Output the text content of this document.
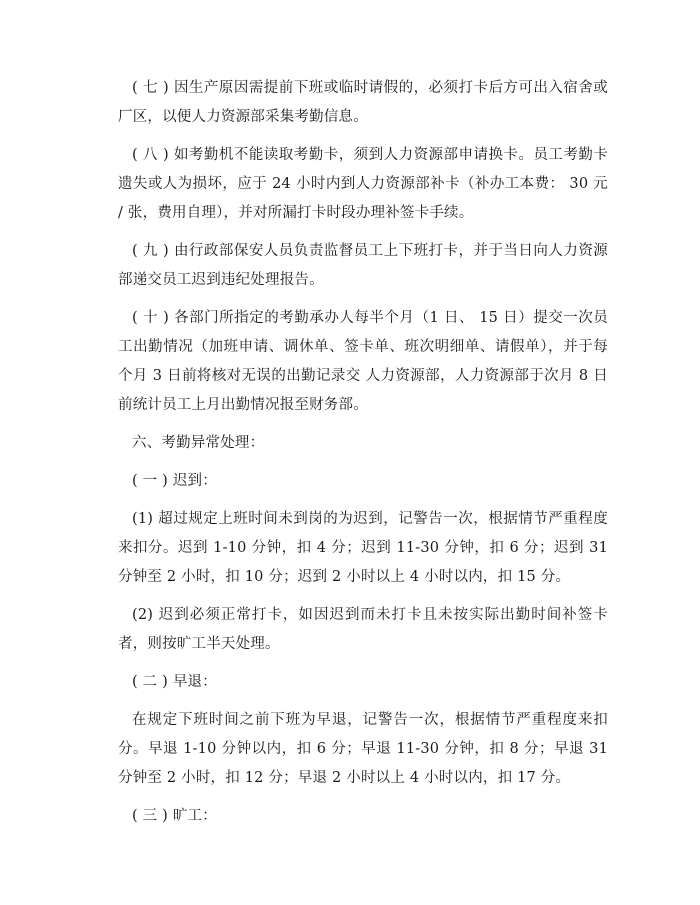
( 七 ) 因生产原因需提前下班或临时请假的，必须打卡后方可出入宿舍或厂区，以便人力资源部采集考勤信息。

( 八 ) 如考勤机不能读取考勤卡，须到人力资源部申请换卡。员工考勤卡遗失或人为损坏，应于 24 小时内到人力资源部补卡（补办工本费： 30 元 / 张，费用自理），并对所漏打卡时段办理补签卡手续。

( 九 ) 由行政部保安人员负责监督员工上下班打卡，并于当日向人力资源部递交员工迟到违纪处理报告。

( 十 ) 各部门所指定的考勤承办人每半个月（1 日、 15 日）提交一次员工出勤情况（加班申请、调休单、签卡单、班次明细单、请假单），并于每个月 3 日前将核对无误的出勤记录交 人力资源部，人力资源部于次月 8 日前统计员工上月出勤情况报至财务部。

六、考勤异常处理：

( 一 ) 迟到：

(1) 超过规定上班时间未到岗的为迟到，记警告一次，根据情节严重程度来扣分。迟到 1-10 分钟，扣 4 分；迟到 11-30 分钟，扣 6 分；迟到 31 分钟至 2 小时，扣 10 分；迟到 2 小时以上 4 小时以内，扣 15 分。

(2) 迟到必须正常打卡，如因迟到而未打卡且未按实际出勤时间补签卡者，则按旷工半天处理。

( 二 ) 早退：

在规定下班时间之前下班为早退，记警告一次，根据情节严重程度来扣分。早退 1-10 分钟以内，扣 6 分；早退 11-30 分钟，扣 8 分；早退 31 分钟至 2 小时，扣 12 分；早退 2 小时以上 4 小时以内，扣 17 分。

( 三 ) 旷工：
